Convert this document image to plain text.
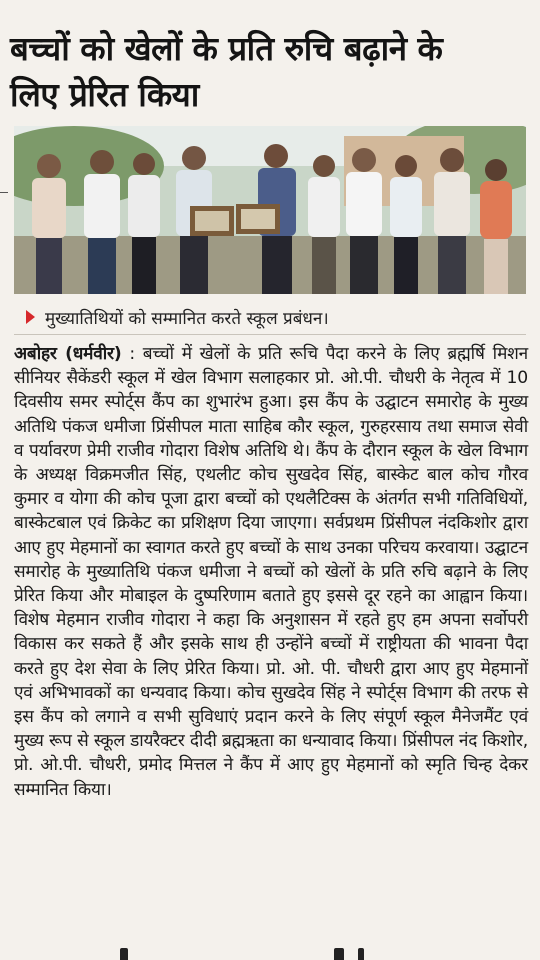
बच्चों को खेलों के प्रति रुचि बढ़ाने के
लिए प्रेरित किया
मुख्यातिथियों को सम्मानित करते स्कूल प्रबंधन।
अबोहर (धर्मवीर) : बच्चों में खेलों के प्रति रूचि पैदा करने के लिए ब्रह्मर्षि मिशन सीनियर सैकेंडरी स्कूल में खेल विभाग सलाहकार प्रो. ओ.पी. चौधरी के नेतृत्व में 10 दिवसीय समर स्पोर्ट्स कैंप का शुभारंभ हुआ। इस कैंप के उद्घाटन समारोह के मुख्य अतिथि पंकज धमीजा प्रिंसीपल माता साहिब कौर स्कूल, गुरुहरसाय तथा समाज सेवी व पर्यावरण प्रेमी राजीव गोदारा विशेष अतिथि थे। कैंप के दौरान स्कूल के खेल विभाग के अध्यक्ष विक्रमजीत सिंह, एथलीट कोच सुखदेव सिंह, बास्केट बाल कोच गौरव कुमार व योगा की कोच पूजा द्वारा बच्चों को एथलैटिक्स के अंतर्गत सभी गतिविधियों, बास्केटबाल एवं क्रिकेट का प्रशिक्षण दिया जाएगा। सर्वप्रथम प्रिंसीपल नंदकिशोर द्वारा आए हुए मेहमानों का स्वागत करते हुए बच्चों के साथ उनका परिचय करवाया। उद्घाटन समारोह के मुख्यातिथि पंकज धमीजा ने बच्चों को खेलों के प्रति रुचि बढ़ाने के लिए प्रेरित किया और मोबाइल के दुष्परिणाम बताते हुए इससे दूर रहने का आह्वान किया। विशेष मेहमान राजीव गोदारा ने कहा कि अनुशासन में रहते हुए हम अपना सर्वोपरी विकास कर सकते हैं और इसके साथ ही उन्होंने बच्चों में राष्ट्रीयता की भावना पैदा करते हुए देश सेवा के लिए प्रेरित किया। प्रो. ओ. पी. चौधरी द्वारा आए हुए मेहमानों एवं अभिभावकों का धन्यवाद किया। कोच सुखदेव सिंह ने स्पोर्ट्स विभाग की तरफ से इस कैंप को लगाने व सभी सुविधाएं प्रदान करने के लिए संपूर्ण स्कूल मैनेजमैंट एवं मुख्य रूप से स्कूल डायरैक्टर दीदी ब्रह्मऋता का धन्यावाद किया। प्रिंसीपल नंद किशोर, प्रो. ओ.पी. चौधरी, प्रमोद मित्तल ने कैंप में आए हुए मेहमानों को स्मृति चिन्ह देकर सम्मानित किया।
